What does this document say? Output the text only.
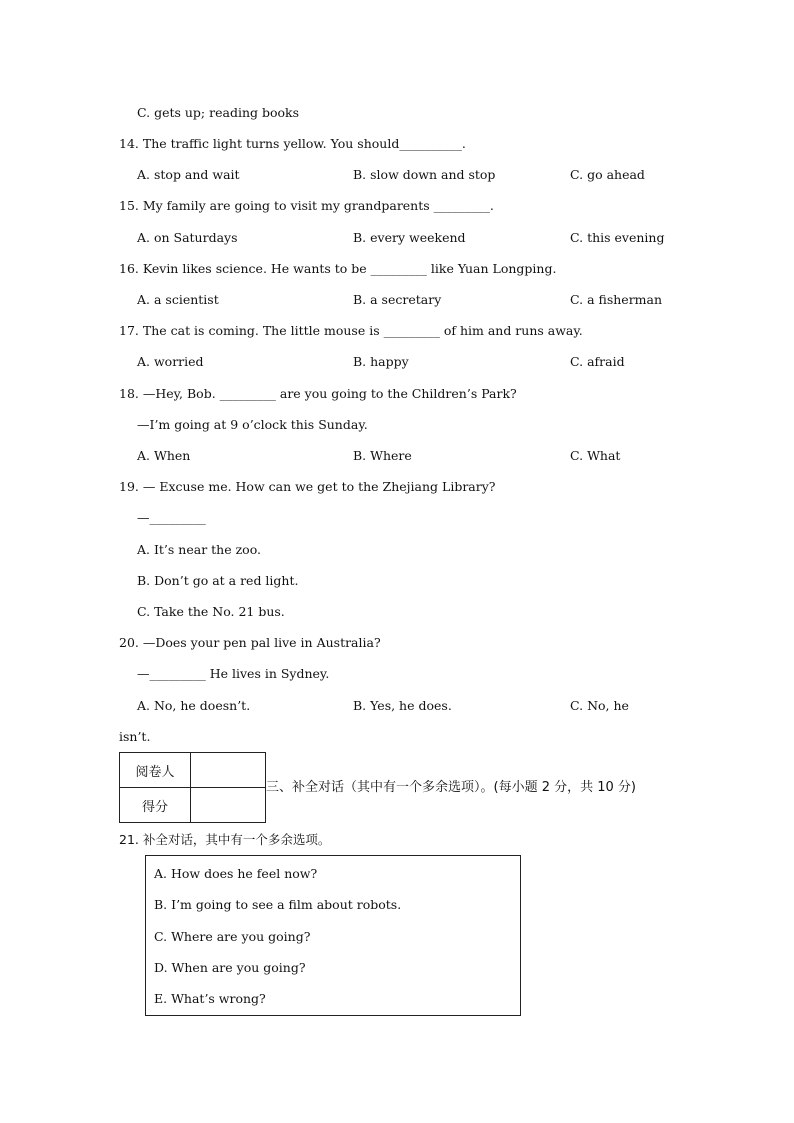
C. gets up; reading books
14. The traffic light turns yellow. You should__________.
A. stop and wait	B. slow down and stop	C. go ahead
15. My family are going to visit my grandparents _________.
A. on Saturdays	B. every weekend	C. this evening
16. Kevin likes science. He wants to be _________ like Yuan Longping.
A. a scientist	B. a secretary	C. a fisherman
17. The cat is coming. The little mouse is _________ of him and runs away.
A. worried	B. happy	C. afraid
18. —Hey, Bob. _________ are you going to the Children’s Park?
—I’m going at 9 o’clock this Sunday.
A. When	B. Where	C. What
19. — Excuse me. How can we get to the Zhejiang Library?
—_________
A. It’s near the zoo.
B. Don’t go at a red light.
C. Take the No. 21 bus.
20. —Does your pen pal live in Australia?
—_________ He lives in Sydney.
A. No, he doesn’t.	B. Yes, he does.	C. No, he
isn’t.
阅卷人	
得分	
三、补全对话（其中有一个多余选项）。(每小题 2 分，共 10 分)
21. 补全对话，其中有一个多余选项。
A. How does he feel now?
B. I’m going to see a film about robots.
C. Where are you going?
D. When are you going?
E. What’s wrong?
